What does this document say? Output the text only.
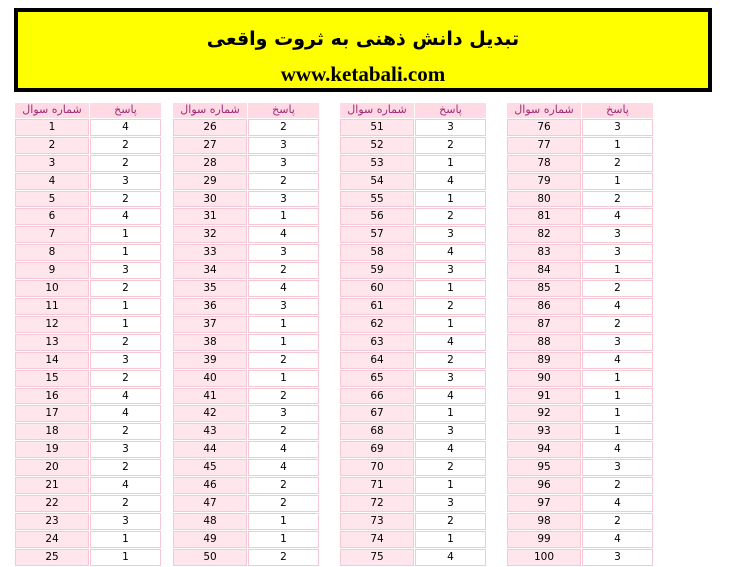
تبدیل دانش ذهنی به ثروت واقعی
www.ketabali.com
شماره سوال	پاسخ
1	4
2	2
3	2
4	3
5	2
6	4
7	1
8	1
9	3
10	2
11	1
12	1
13	2
14	3
15	2
16	4
17	4
18	2
19	3
20	2
21	4
22	2
23	3
24	1
25	1
شماره سوال	پاسخ
26	2
27	3
28	3
29	2
30	3
31	1
32	4
33	3
34	2
35	4
36	3
37	1
38	1
39	2
40	1
41	2
42	3
43	2
44	4
45	4
46	2
47	2
48	1
49	1
50	2
شماره سوال	پاسخ
51	3
52	2
53	1
54	4
55	1
56	2
57	3
58	4
59	3
60	1
61	2
62	1
63	4
64	2
65	3
66	4
67	1
68	3
69	4
70	2
71	1
72	3
73	2
74	1
75	4
شماره سوال	پاسخ
76	3
77	1
78	2
79	1
80	2
81	4
82	3
83	3
84	1
85	2
86	4
87	2
88	3
89	4
90	1
91	1
92	1
93	1
94	4
95	3
96	2
97	4
98	2
99	4
100	3
